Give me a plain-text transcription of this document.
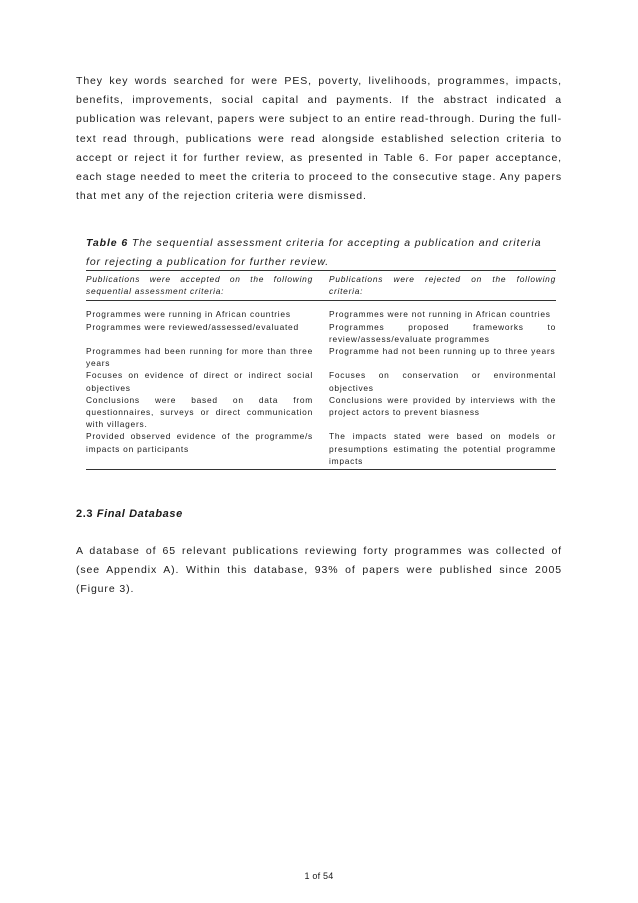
They key words searched for were PES, poverty, livelihoods, programmes, impacts, benefits, improvements, social capital and payments. If the abstract indicated a publication was relevant, papers were subject to an entire read-through. During the full-text read through, publications were read alongside established selection criteria to accept or reject it for further review, as presented in Table 6. For paper acceptance, each stage needed to meet the criteria to proceed to the consecutive stage. Any papers that met any of the rejection criteria were dismissed.

Table 6 The sequential assessment criteria for accepting a publication and criteria for rejecting a publication for further review.

Publications were accepted on the following sequential assessment criteria:	Publications were rejected on the following criteria:
Programmes were running in African countries	Programmes were not running in African countries
Programmes were reviewed/assessed/evaluated	Programmes proposed frameworks to review/assess/evaluate programmes
Programmes had been running for more than three years	Programme had not been running up to three years
Focuses on evidence of direct or indirect social objectives	Focuses on conservation or environmental objectives
Conclusions were based on data from questionnaires, surveys or direct communication with villagers.	Conclusions were provided by interviews with the project actors to prevent biasness
Provided observed evidence of the programme/s impacts on participants	The impacts stated were based on models or presumptions estimating the potential programme impacts
2.3 Final Database

A database of 65 relevant publications reviewing forty programmes was collected of (see Appendix A). Within this database, 93% of papers were published since 2005 (Figure 3).

1 of 54
